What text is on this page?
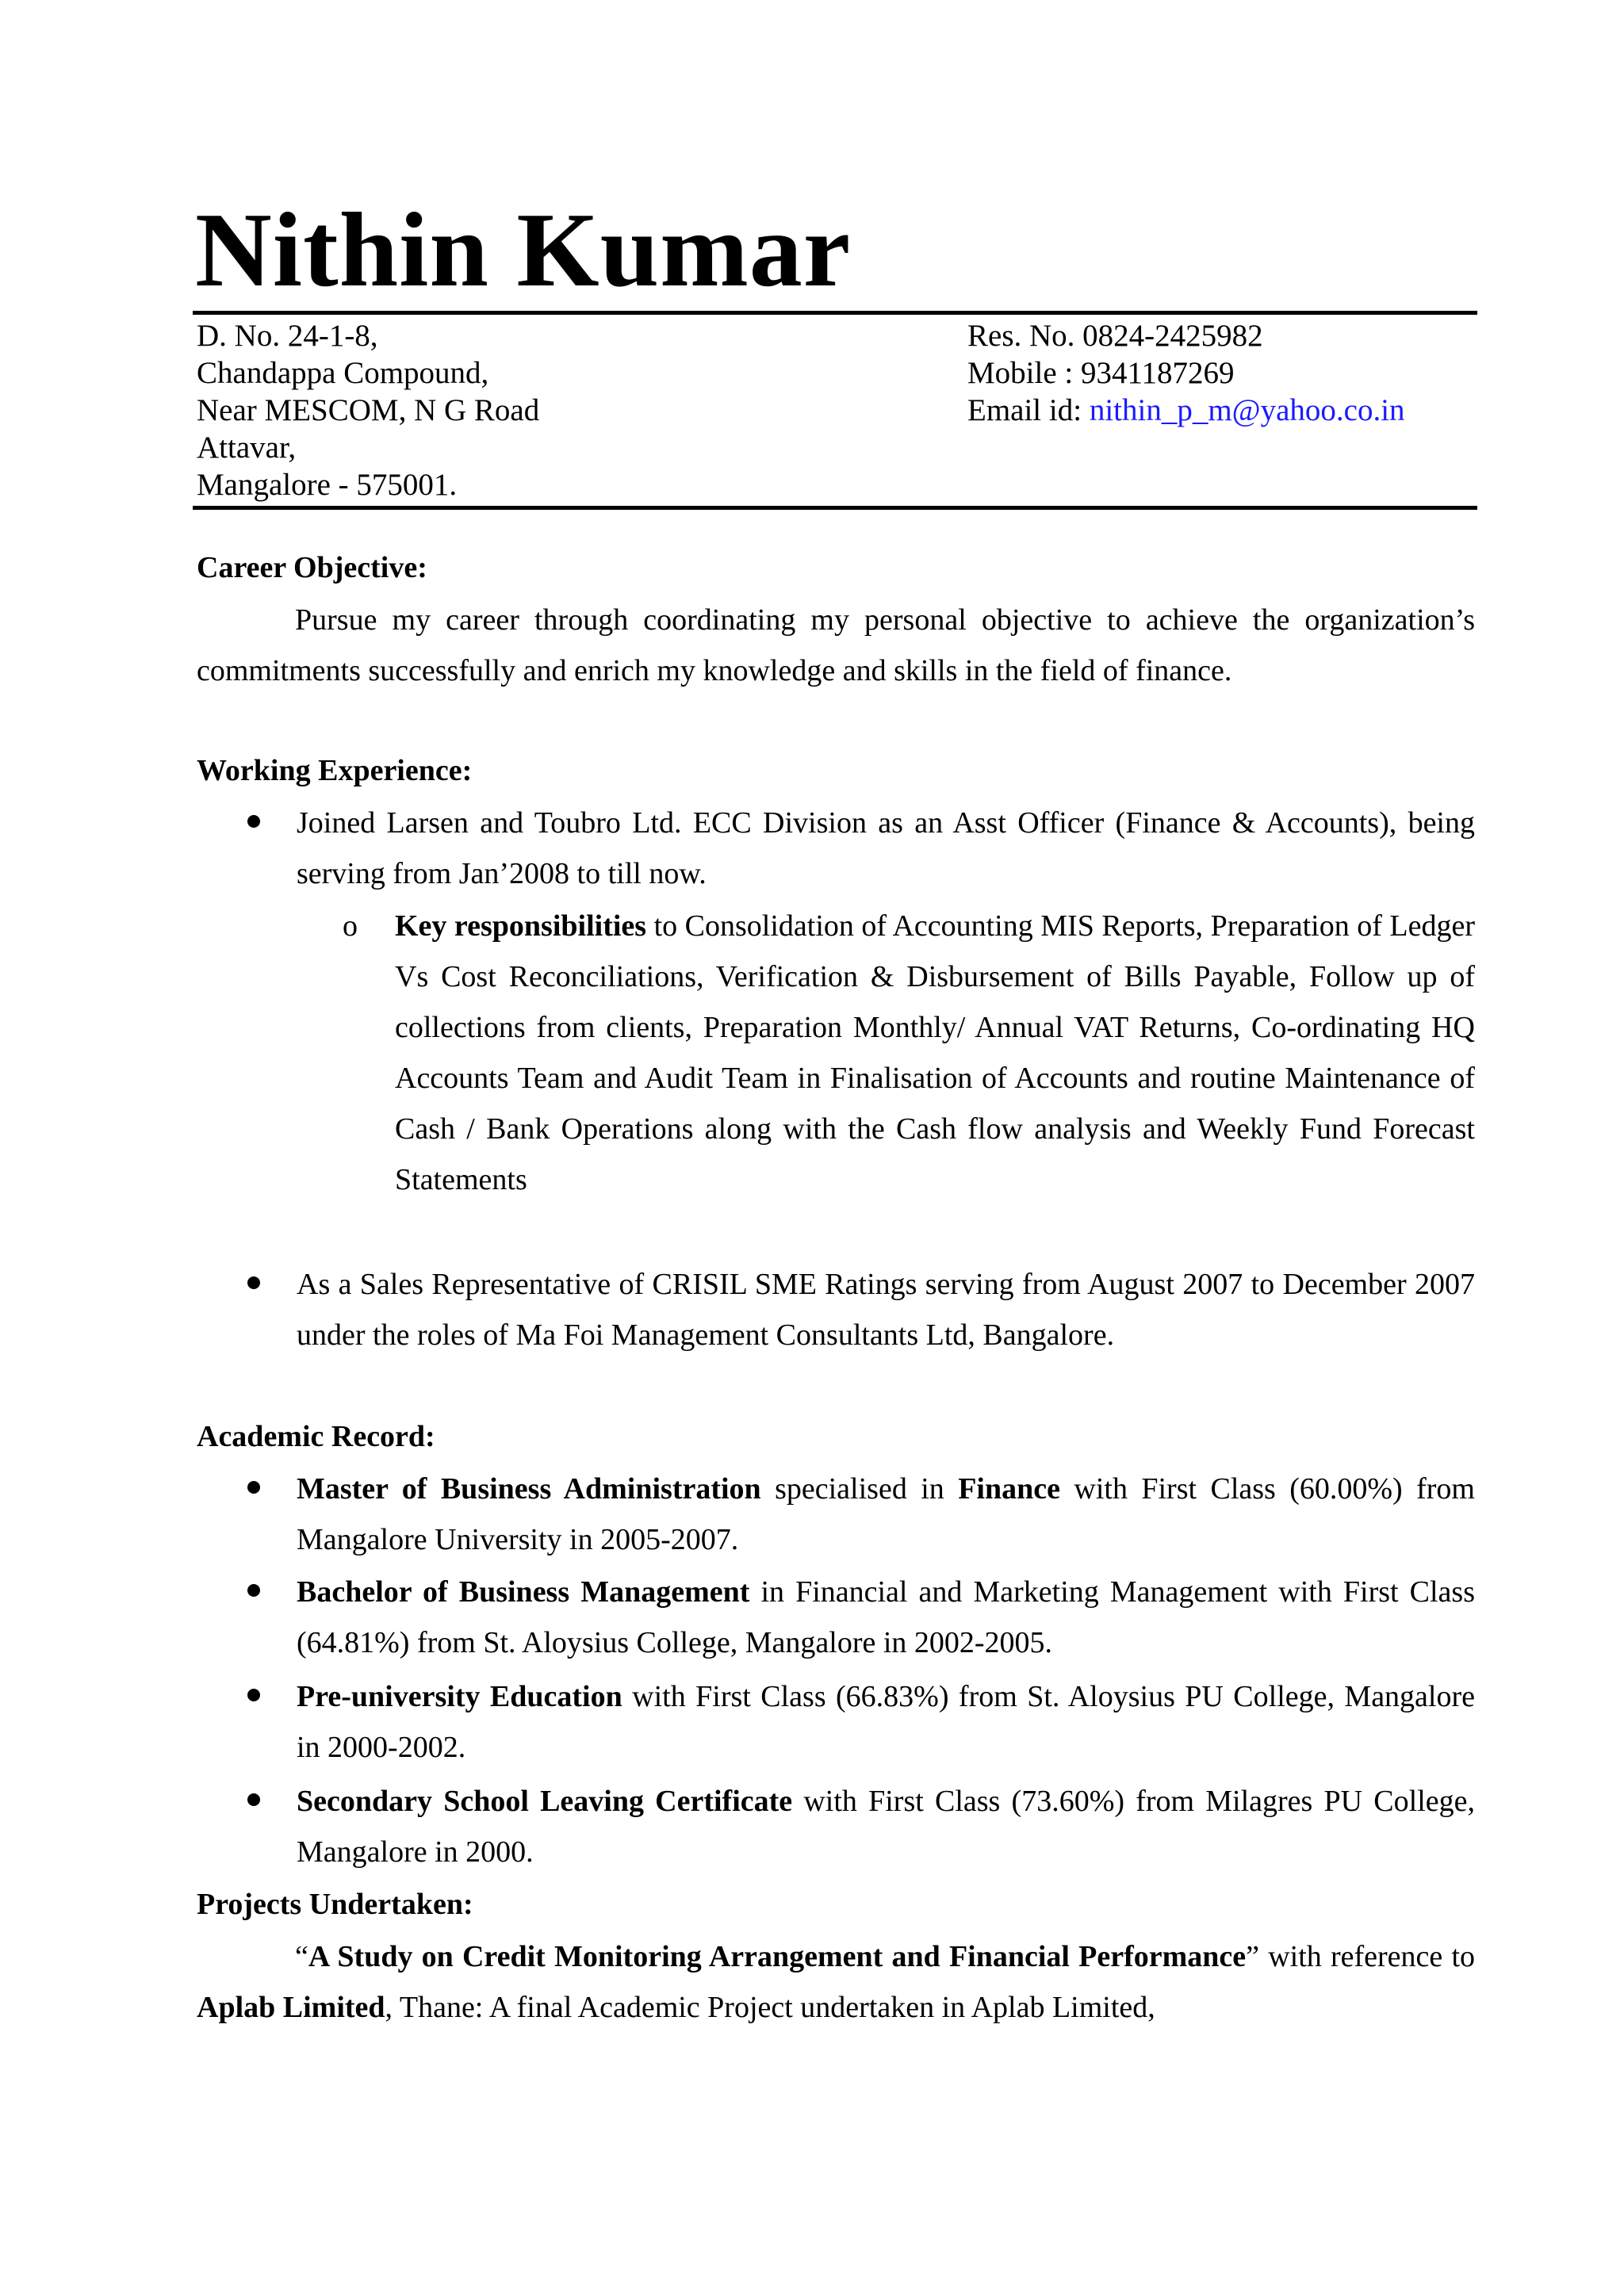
Nithin Kumar
D. No. 24-1-8,
Chandappa Compound,
Near MESCOM, N G Road
Attavar,
Mangalore - 575001.
Res. No. 0824-2425982
Mobile : 9341187269
Email id: nithin_p_m@yahoo.co.in
Career Objective:

Pursue my career through coordinating my personal objective to achieve the organization’s commitments successfully and enrich my knowledge and skills in the field of finance.

Working Experience:
Joined Larsen and Toubro Ltd. ECC Division as an Asst Officer (Finance & Accounts), being serving from Jan’2008 to till now.
o Key responsibilities to Consolidation of Accounting MIS Reports, Preparation of Ledger Vs Cost Reconciliations, Verification & Disbursement of Bills Payable, Follow up of collections from clients, Preparation Monthly/ Annual VAT Returns, Co-ordinating HQ Accounts Team and Audit Team in Finalisation of Accounts and routine Maintenance of Cash / Bank Operations along with the Cash flow analysis and Weekly Fund Forecast Statements
As a Sales Representative of CRISIL SME Ratings serving from August 2007 to December 2007 under the roles of Ma Foi Management Consultants Ltd, Bangalore.
Academic Record:
Master of Business Administration specialised in Finance with First Class (60.00%) from Mangalore University in 2005-2007.
Bachelor of Business Management in Financial and Marketing Management with First Class (64.81%) from St. Aloysius College, Mangalore in 2002-2005.
Pre-university Education with First Class (66.83%) from St. Aloysius PU College, Mangalore in 2000-2002.
Secondary School Leaving Certificate with First Class (73.60%) from Milagres PU College, Mangalore in 2000.
Projects Undertaken:

“A Study on Credit Monitoring Arrangement and Financial Performance” with reference to Aplab Limited, Thane: A final Academic Project undertaken in Aplab Limited,
